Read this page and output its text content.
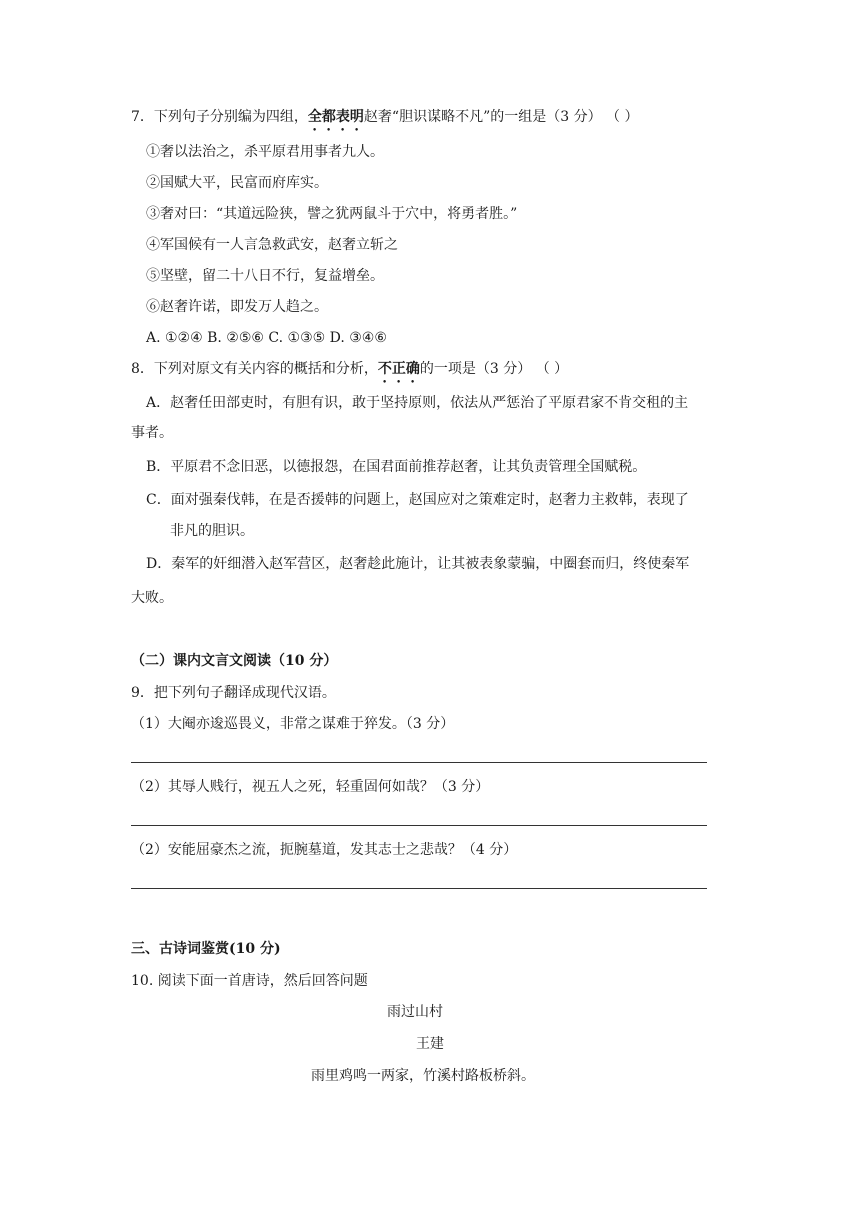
7．下列句子分别编为四组，全都表明赵奢“胆识谋略不凡”的一组是（3 分） （ ）
①奢以法治之，杀平原君用事者九人。
②国赋大平，民富而府库实。
③奢对曰：“其道远险狭，譬之犹两鼠斗于穴中，将勇者胜。”
④军国候有一人言急救武安，赵奢立斩之
⑤坚壁，留二十八日不行，复益增垒。
⑥赵奢许诺，即发万人趋之。
A. ①②④ B. ②⑤⑥ C. ①③⑤ D. ③④⑥
8．下列对原文有关内容的概括和分析，不正确的一项是（3 分） （ ）
A．赵奢任田部吏时，有胆有识，敢于坚持原则，依法从严惩治了平原君家不肯交租的主
事者。
B．平原君不念旧恶，以德报怨，在国君面前推荐赵奢，让其负责管理全国赋税。
C．面对强秦伐韩，在是否援韩的问题上，赵国应对之策难定时，赵奢力主救韩，表现了
非凡的胆识。
D．秦军的奸细潜入赵军营区，赵奢趁此施计，让其被表象蒙骗，中圈套而归，终使秦军
大败。
（二）课内文言文阅读（10 分）
9．把下列句子翻译成现代汉语。
（1）大阉亦逡巡畏义，非常之谋难于猝发。（3 分）
（2）其辱人贱行，视五人之死，轻重固何如哉？（3 分）
（2）安能屈豪杰之流，扼腕墓道，发其志士之悲哉？（4 分）
三、古诗词鉴赏(10 分)
10. 阅读下面一首唐诗，然后回答问题
雨过山村
王建
雨里鸡鸣一两家，竹溪村路板桥斜。
